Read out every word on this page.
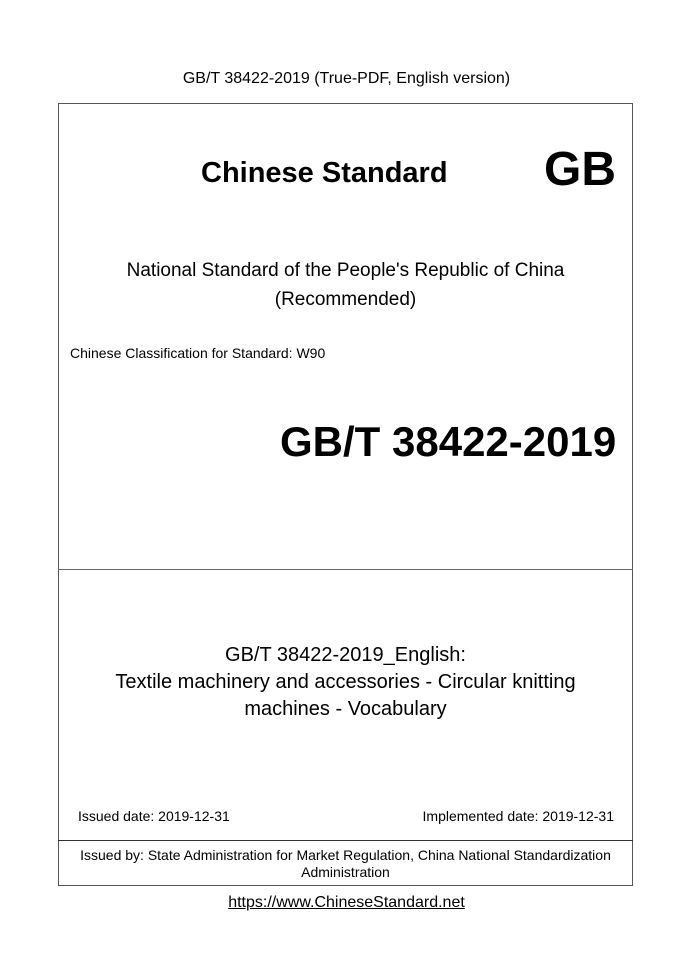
GB/T 38422-2019 (True-PDF, English version)
Chinese Standard GB
National Standard of the People's Republic of China
(Recommended)
Chinese Classification for Standard: W90
GB/T 38422-2019
GB/T 38422-2019_English:
Textile machinery and accessories - Circular knitting
machines - Vocabulary
Issued date: 2019-12-31	Implemented date: 2019-12-31
Issued by: State Administration for Market Regulation, China National Standardization
Administration
https://www.ChineseStandard.net
